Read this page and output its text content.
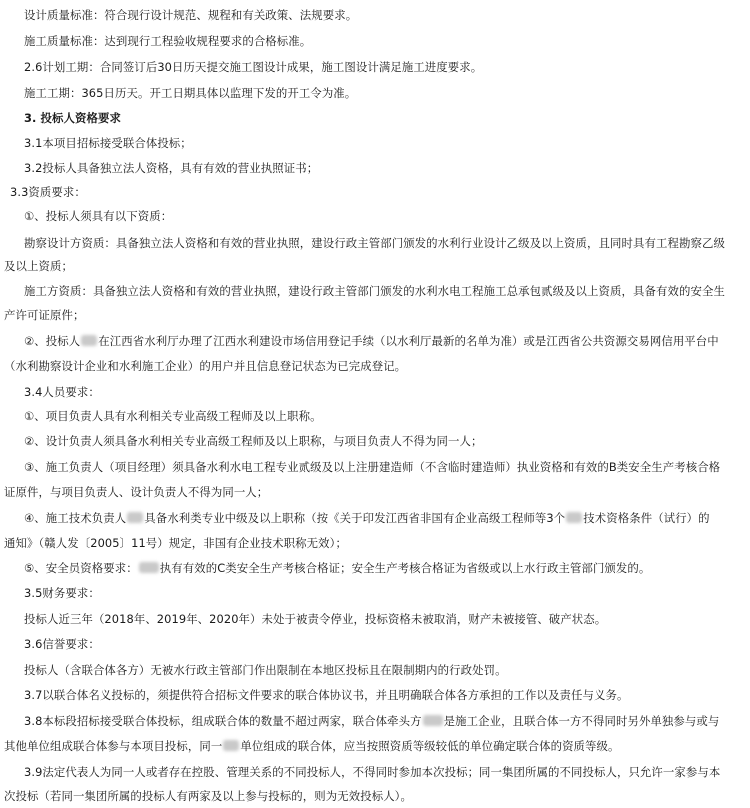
设计质量标准：符合现行设计规范、规程和有关政策、法规要求。
施工质量标准：达到现行工程验收规程要求的合格标准。
2.6计划工期：合同签订后30日历天提交施工图设计成果，施工图设计满足施工进度要求。
施工工期：365日历天。开工日期具体以监理下发的开工令为准。
3. 投标人资格要求
3.1本项目招标接受联合体投标；
3.2投标人具备独立法人资格，具有有效的营业执照证书；
3.3资质要求：
①、投标人须具有以下资质：
勘察设计方资质：具备独立法人资格和有效的营业执照，建设行政主管部门颁发的水利行业设计乙级及以上资质，且同时具有工程勘察乙级
及以上资质；
施工方资质：具备独立法人资格和有效的营业执照，建设行政主管部门颁发的水利水电工程施工总承包贰级及以上资质，具备有效的安全生
产许可证原件；
②、投标人 在江西省水利厅办理了江西水利建设市场信用登记手续（以水利厅最新的名单为准）或是江西省公共资源交易网信用平台中
（水利勘察设计企业和水利施工企业）的用户并且信息登记状态为已完成登记。
3.4人员要求：
①、项目负责人具有水利相关专业高级工程师及以上职称。
②、设计负责人须具备水利相关专业高级工程师及以上职称，与项目负责人不得为同一人；
③、施工负责人（项目经理）须具备水利水电工程专业贰级及以上注册建造师（不含临时建造师）执业资格和有效的B类安全生产考核合格
证原件，与项目负责人、设计负责人不得为同一人；
④、施工技术负责人 具备水利类专业中级及以上职称（按《关于印发江西省非国有企业高级工程师等3个 技术资格条件（试行）的
通知》（赣人发〔2005〕11号）规定，非国有企业技术职称无效）；
⑤、安全员资格要求： 执有有效的C类安全生产考核合格证；安全生产考核合格证为省级或以上水行政主管部门颁发的。
3.5财务要求：
投标人近三年（2018年、2019年、2020年）未处于被责令停业，投标资格未被取消，财产未被接管、破产状态。
3.6信誉要求：
投标人（含联合体各方）无被水行政主管部门作出限制在本地区投标且在限制期内的行政处罚。
3.7以联合体名义投标的，须提供符合招标文件要求的联合体协议书，并且明确联合体各方承担的工作以及责任与义务。
3.8本标段招标接受联合体投标，组成联合体的数量不超过两家，联合体牵头方 是施工企业，且联合体一方不得同时另外单独参与或与
其他单位组成联合体参与本项目投标，同一 单位组成的联合体，应当按照资质等级较低的单位确定联合体的资质等级。
3.9法定代表人为同一人或者存在控股、管理关系的不同投标人，不得同时参加本次投标；同一集团所属的不同投标人，只允许一家参与本
次投标（若同一集团所属的投标人有两家及以上参与投标的，则为无效投标人）。
